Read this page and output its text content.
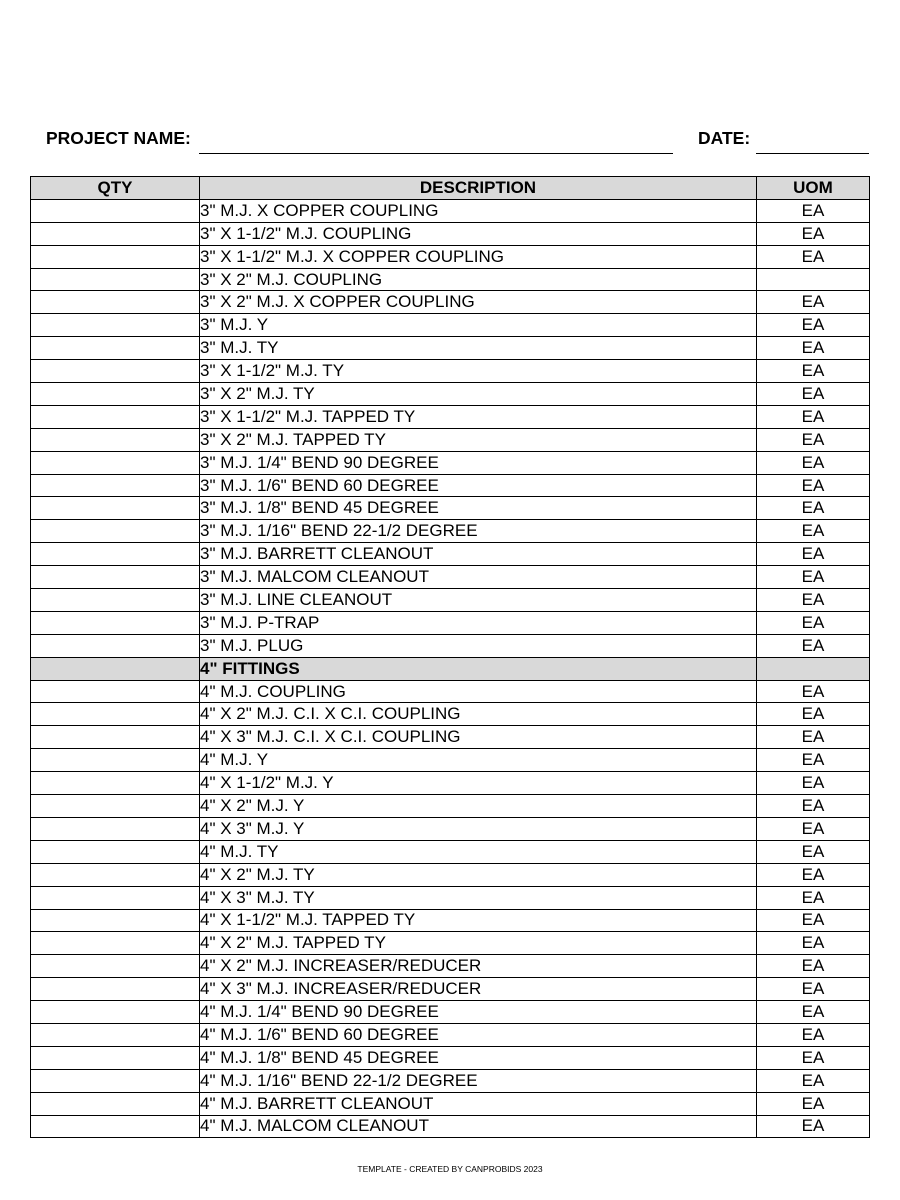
PROJECT NAME:	DATE:
QTY	DESCRIPTION	UOM
	3" M.J. X COPPER COUPLING	EA
	3" X 1-1/2" M.J. COUPLING	EA
	3" X 1-1/2" M.J. X COPPER COUPLING	EA
	3" X 2" M.J. COUPLING	
	3" X 2" M.J. X COPPER COUPLING	EA
	3" M.J. Y	EA
	3" M.J. TY	EA
	3" X 1-1/2" M.J. TY	EA
	3" X 2" M.J. TY	EA
	3" X 1-1/2" M.J. TAPPED TY	EA
	3" X 2" M.J. TAPPED TY	EA
	3" M.J. 1/4" BEND 90 DEGREE	EA
	3" M.J. 1/6" BEND 60 DEGREE	EA
	3" M.J. 1/8" BEND 45 DEGREE	EA
	3" M.J. 1/16" BEND 22-1/2 DEGREE	EA
	3" M.J. BARRETT CLEANOUT	EA
	3" M.J. MALCOM CLEANOUT	EA
	3" M.J. LINE CLEANOUT	EA
	3" M.J. P-TRAP	EA
	3" M.J. PLUG	EA
	4" FITTINGS	
	4" M.J. COUPLING	EA
	4" X 2" M.J. C.I. X C.I. COUPLING	EA
	4" X 3" M.J. C.I. X C.I. COUPLING	EA
	4" M.J. Y	EA
	4" X 1-1/2" M.J. Y	EA
	4" X 2" M.J. Y	EA
	4" X 3" M.J. Y	EA
	4" M.J. TY	EA
	4" X 2" M.J. TY	EA
	4" X 3" M.J. TY	EA
	4" X 1-1/2" M.J. TAPPED TY	EA
	4" X 2" M.J. TAPPED TY	EA
	4" X 2" M.J. INCREASER/REDUCER	EA
	4" X 3" M.J. INCREASER/REDUCER	EA
	4" M.J. 1/4" BEND 90 DEGREE	EA
	4" M.J. 1/6" BEND 60 DEGREE	EA
	4" M.J. 1/8" BEND 45 DEGREE	EA
	4" M.J. 1/16" BEND 22-1/2 DEGREE	EA
	4" M.J. BARRETT CLEANOUT	EA
	4" M.J. MALCOM CLEANOUT	EA
TEMPLATE - CREATED BY CANPROBIDS 2023
